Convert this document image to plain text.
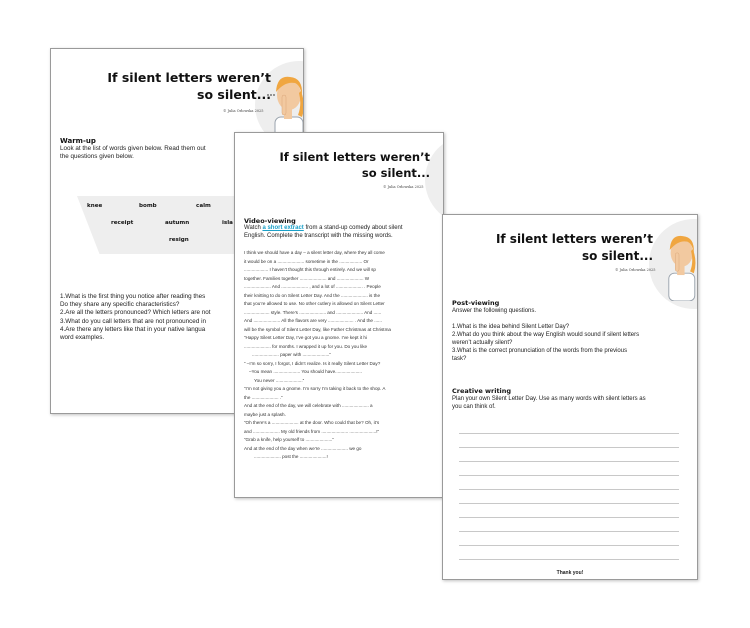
If silent letters weren’t
so silent...
© Julia Orlowska 2025
Warm-up
Look at the list of words given below. Read them out
the questions given below.
knee	bomb	calm
receipt	autumn	isla
resign
1.What is the first thing you notice after reading thes
Do they share any specific characteristics?
2.Are all the letters pronounced? Which letters are not
3.What do you call letters that are not pronounced in
4.Are there any letters like that in your native langua
word examples.
If silent letters weren’t
so silent...
© Julia Orlowska 2025
Video-viewing
Watch a short extract from a stand-up comedy about silent
English. Complete the transcript with the missing words.
I think we should have a day – a silent letter day, where they all come
it would be on a ..................... sometime in the .................. Or
................... I haven’t thought this through entirely. And we will sp
together. Families together ..................... and ..................... W
..................... And ..................... , and a lot of ..................... . People
their knitting to do on Silent Letter Day. And the ..................... is the
that you’re allowed to use. No other cutlery is allowed on Silent Letter
.................... style. There’s ..................... and ..................... And ......
And ..................... All the flavors are very .................... . And the ......
will be the symbol of Silent Letter Day, like Father Christmas at Christma
“Happy Silent Letter Day, I’ve got you a gnome. I’ve kept it hi
..................... for months. I wrapped it up for you. Do you like
..................... paper with .....................”
“ –I’m so sorry, I forgot, I didn’t realize. Is it really Silent Letter Day?
–You mean ..................... You should have.....................
You never .....................”
“I’m not giving you a gnome. I’m sorry I’m taking it back to the shop. A
the ..................... .”
And at the end of the day, we will celebrate with ..................... a
maybe just a splash.
“Oh there’s a ..................... at the door. Who could that be? Oh, it’s
and ..................... My old friends from ..................... .....................!”
“Grab a knife, help yourself to .....................”
And at the end of the day when we’re ..................... we go
..................... post the .....................!
If silent letters weren’t
so silent...
© Julia Orlowska 2025
Post-viewing
Answer the following questions.
1.What is the idea behind Silent Letter Day?
2.What do you think about the way English would sound if silent letters
weren’t actually silent?
3.What is the correct pronunciation of the words from the previous
task?
Creative writing
Plan your own Silent Letter Day. Use as many words with silent letters as
you can think of.
Thank you!
